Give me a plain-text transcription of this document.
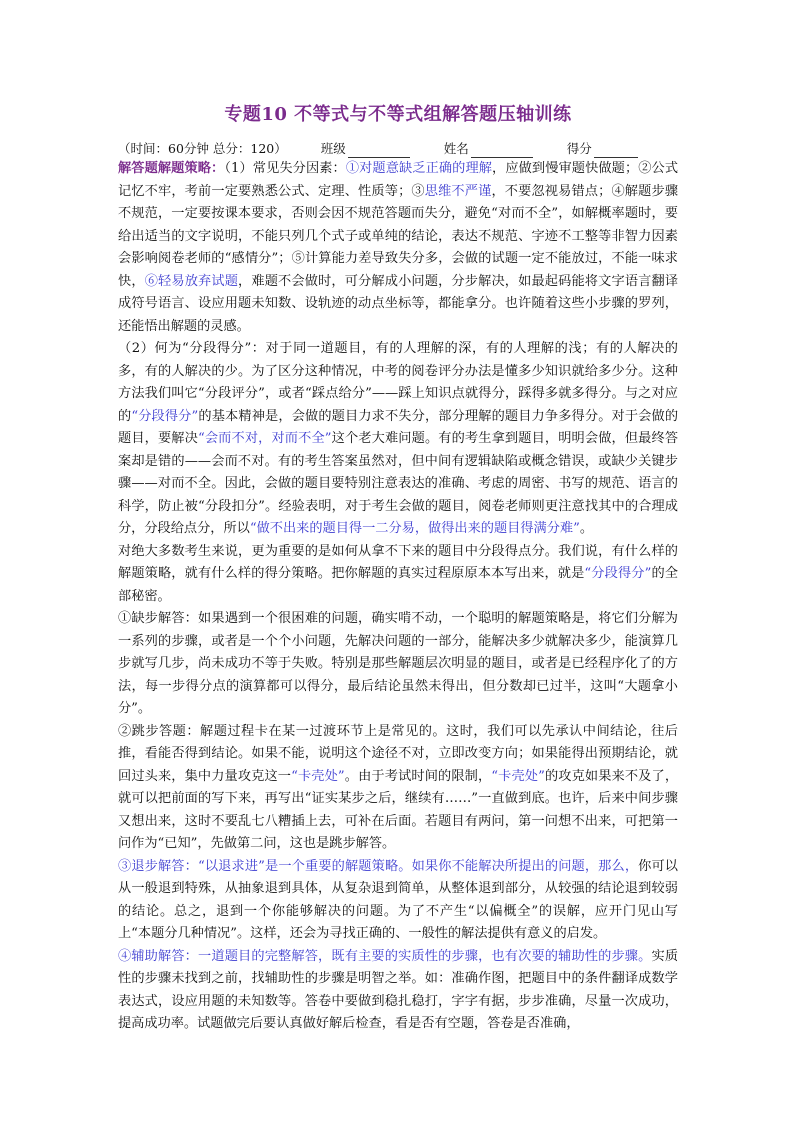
专题10 不等式与不等式组解答题压轴训练
（时间：60分钟 总分：120）	班级	姓名	得分

解答题解题策略：（1）常见失分因素：①对题意缺乏正确的理解，应做到慢审题快做题；②公式记忆不牢，考前一定要熟悉公式、定理、性质等；③思维不严谨，不要忽视易错点；④解题步骤不规范，一定要按课本要求，否则会因不规范答题而失分，避免“对而不全”，如解概率题时，要给出适当的文字说明，不能只列几个式子或单纯的结论，表达不规范、字迹不工整等非智力因素会影响阅卷老师的“感情分”；⑤计算能力差导致失分多，会做的试题一定不能放过，不能一味求快，⑥轻易放弃试题，难题不会做时，可分解成小问题，分步解决，如最起码能将文字语言翻译成符号语言、设应用题未知数、设轨迹的动点坐标等，都能拿分。也许随着这些小步骤的罗列，还能悟出解题的灵感。

（2）何为“分段得分”：对于同一道题目，有的人理解的深，有的人理解的浅；有的人解决的多，有的人解决的少。为了区分这种情况，中考的阅卷评分办法是懂多少知识就给多少分。这种方法我们叫它“分段评分”，或者“踩点给分”——踩上知识点就得分，踩得多就多得分。与之对应的“分段得分”的基本精神是，会做的题目力求不失分，部分理解的题目力争多得分。对于会做的题目，要解决“会而不对，对而不全”这个老大难问题。有的考生拿到题目，明明会做，但最终答案却是错的——会而不对。有的考生答案虽然对，但中间有逻辑缺陷或概念错误，或缺少关键步骤——对而不全。因此，会做的题目要特别注意表达的准确、考虑的周密、书写的规范、语言的科学，防止被“分段扣分”。经验表明，对于考生会做的题目，阅卷老师则更注意找其中的合理成分，分段给点分，所以“做不出来的题目得一二分易，做得出来的题目得满分难”。

对绝大多数考生来说，更为重要的是如何从拿不下来的题目中分段得点分。我们说，有什么样的解题策略，就有什么样的得分策略。把你解题的真实过程原原本本写出来，就是“分段得分”的全部秘密。

①缺步解答：如果遇到一个很困难的问题，确实啃不动，一个聪明的解题策略是，将它们分解为一系列的步骤，或者是一个个小问题，先解决问题的一部分，能解决多少就解决多少，能演算几步就写几步，尚未成功不等于失败。特别是那些解题层次明显的题目，或者是已经程序化了的方法，每一步得分点的演算都可以得分，最后结论虽然未得出，但分数却已过半，这叫“大题拿小分”。

②跳步答题：解题过程卡在某一过渡环节上是常见的。这时，我们可以先承认中间结论，往后推，看能否得到结论。如果不能，说明这个途径不对，立即改变方向；如果能得出预期结论，就回过头来，集中力量攻克这一“卡壳处”。由于考试时间的限制，“卡壳处”的攻克如果来不及了，就可以把前面的写下来，再写出“证实某步之后，继续有……”一直做到底。也许，后来中间步骤又想出来，这时不要乱七八糟插上去，可补在后面。若题目有两问，第一问想不出来，可把第一问作为“已知”，先做第二问，这也是跳步解答。

③退步解答：“以退求进”是一个重要的解题策略。如果你不能解决所提出的问题，那么，你可以从一般退到特殊，从抽象退到具体，从复杂退到简单，从整体退到部分，从较强的结论退到较弱的结论。总之，退到一个你能够解决的问题。为了不产生“以偏概全”的误解，应开门见山写上“本题分几种情况”。这样，还会为寻找正确的、一般性的解法提供有意义的启发。

④辅助解答：一道题目的完整解答，既有主要的实质性的步骤，也有次要的辅助性的步骤。实质性的步骤未找到之前，找辅助性的步骤是明智之举。如：准确作图，把题目中的条件翻译成数学表达式，设应用题的未知数等。答卷中要做到稳扎稳打，字字有据，步步准确，尽量一次成功，提高成功率。试题做完后要认真做好解后检查，看是否有空题，答卷是否准确，
